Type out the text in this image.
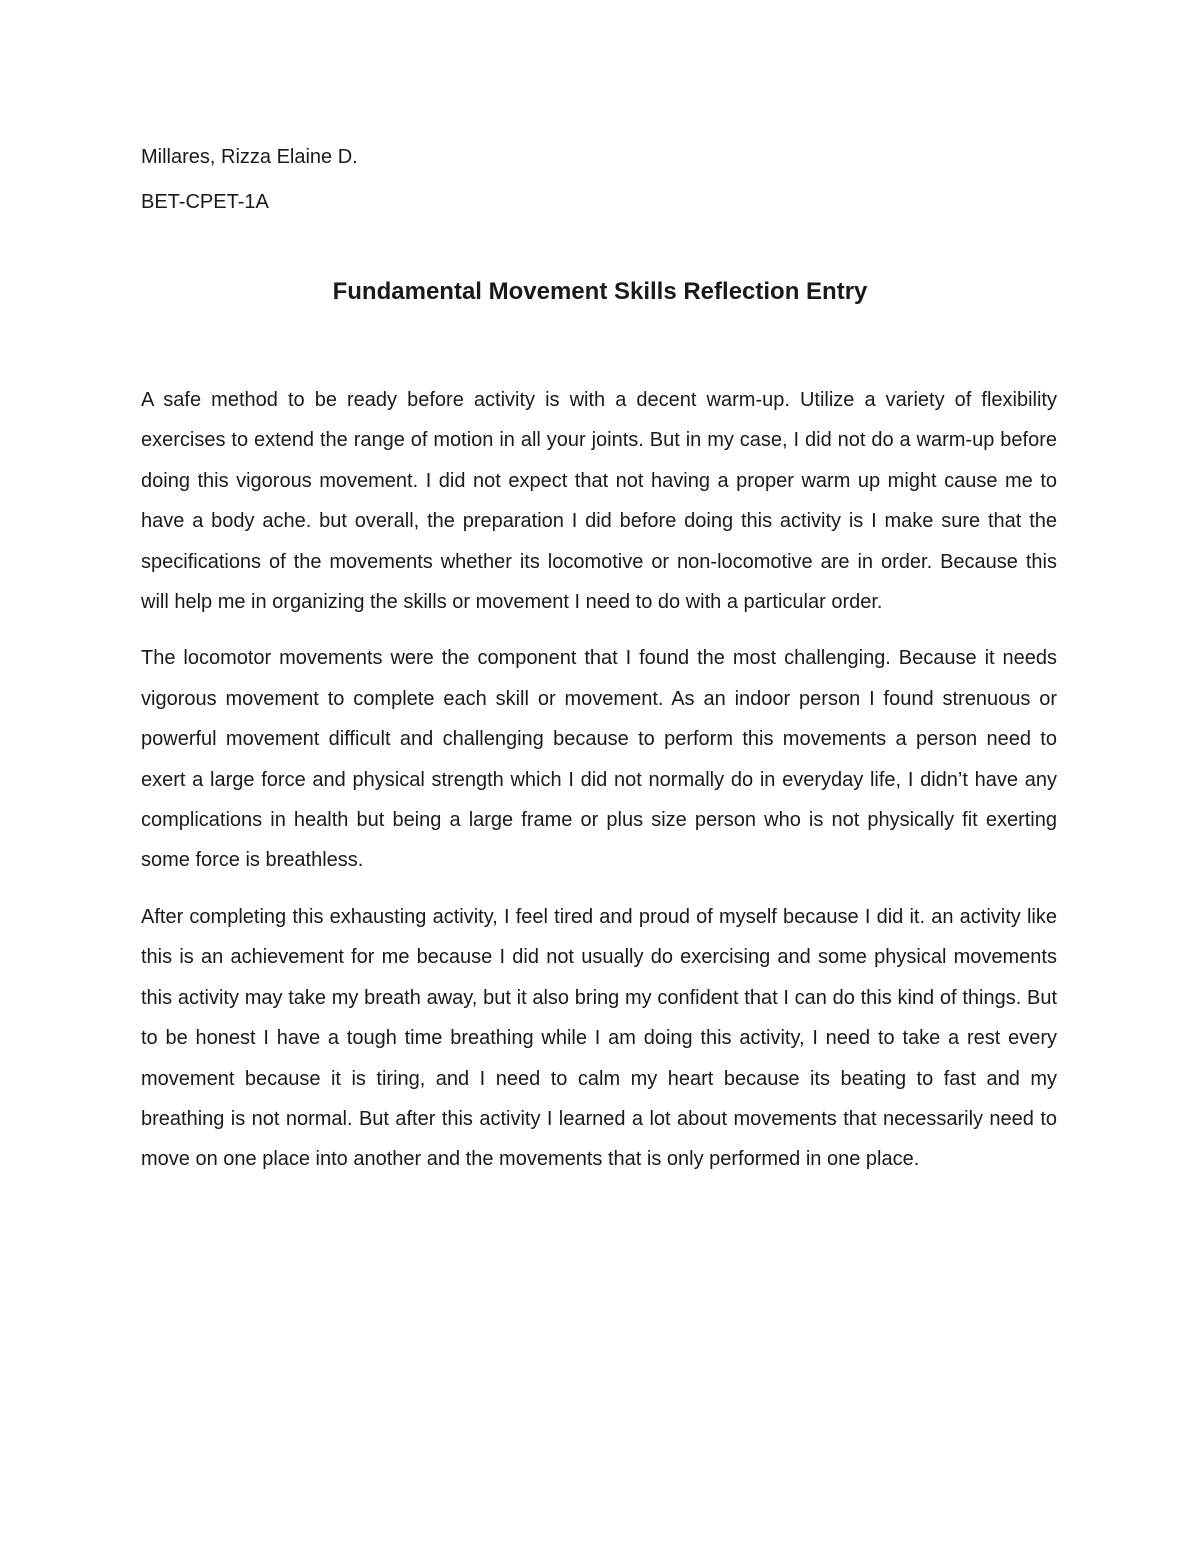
Millares, Rizza Elaine D.

BET-CPET-1A

Fundamental Movement Skills Reflection Entry

A safe method to be ready before activity is with a decent warm-up. Utilize a variety of flexibility exercises to extend the range of motion in all your joints. But in my case, I did not do a warm-up before doing this vigorous movement. I did not expect that not having a proper warm up might cause me to have a body ache. but overall, the preparation I did before doing this activity is I make sure that the specifications of the movements whether its locomotive or non-locomotive are in order. Because this will help me in organizing the skills or movement I need to do with a particular order.

The locomotor movements were the component that I found the most challenging. Because it needs vigorous movement to complete each skill or movement. As an indoor person I found strenuous or powerful movement difficult and challenging because to perform this movements a person need to exert a large force and physical strength which I did not normally do in everyday life, I didn’t have any complications in health but being a large frame or plus size person who is not physically fit exerting some force is breathless.

After completing this exhausting activity, I feel tired and proud of myself because I did it. an activity like this is an achievement for me because I did not usually do exercising and some physical movements this activity may take my breath away, but it also bring my confident that I can do this kind of things. But to be honest I have a tough time breathing while I am doing this activity, I need to take a rest every movement because it is tiring, and I need to calm my heart because its beating to fast and my breathing is not normal. But after this activity I learned a lot about movements that necessarily need to move on one place into another and the movements that is only performed in one place.
